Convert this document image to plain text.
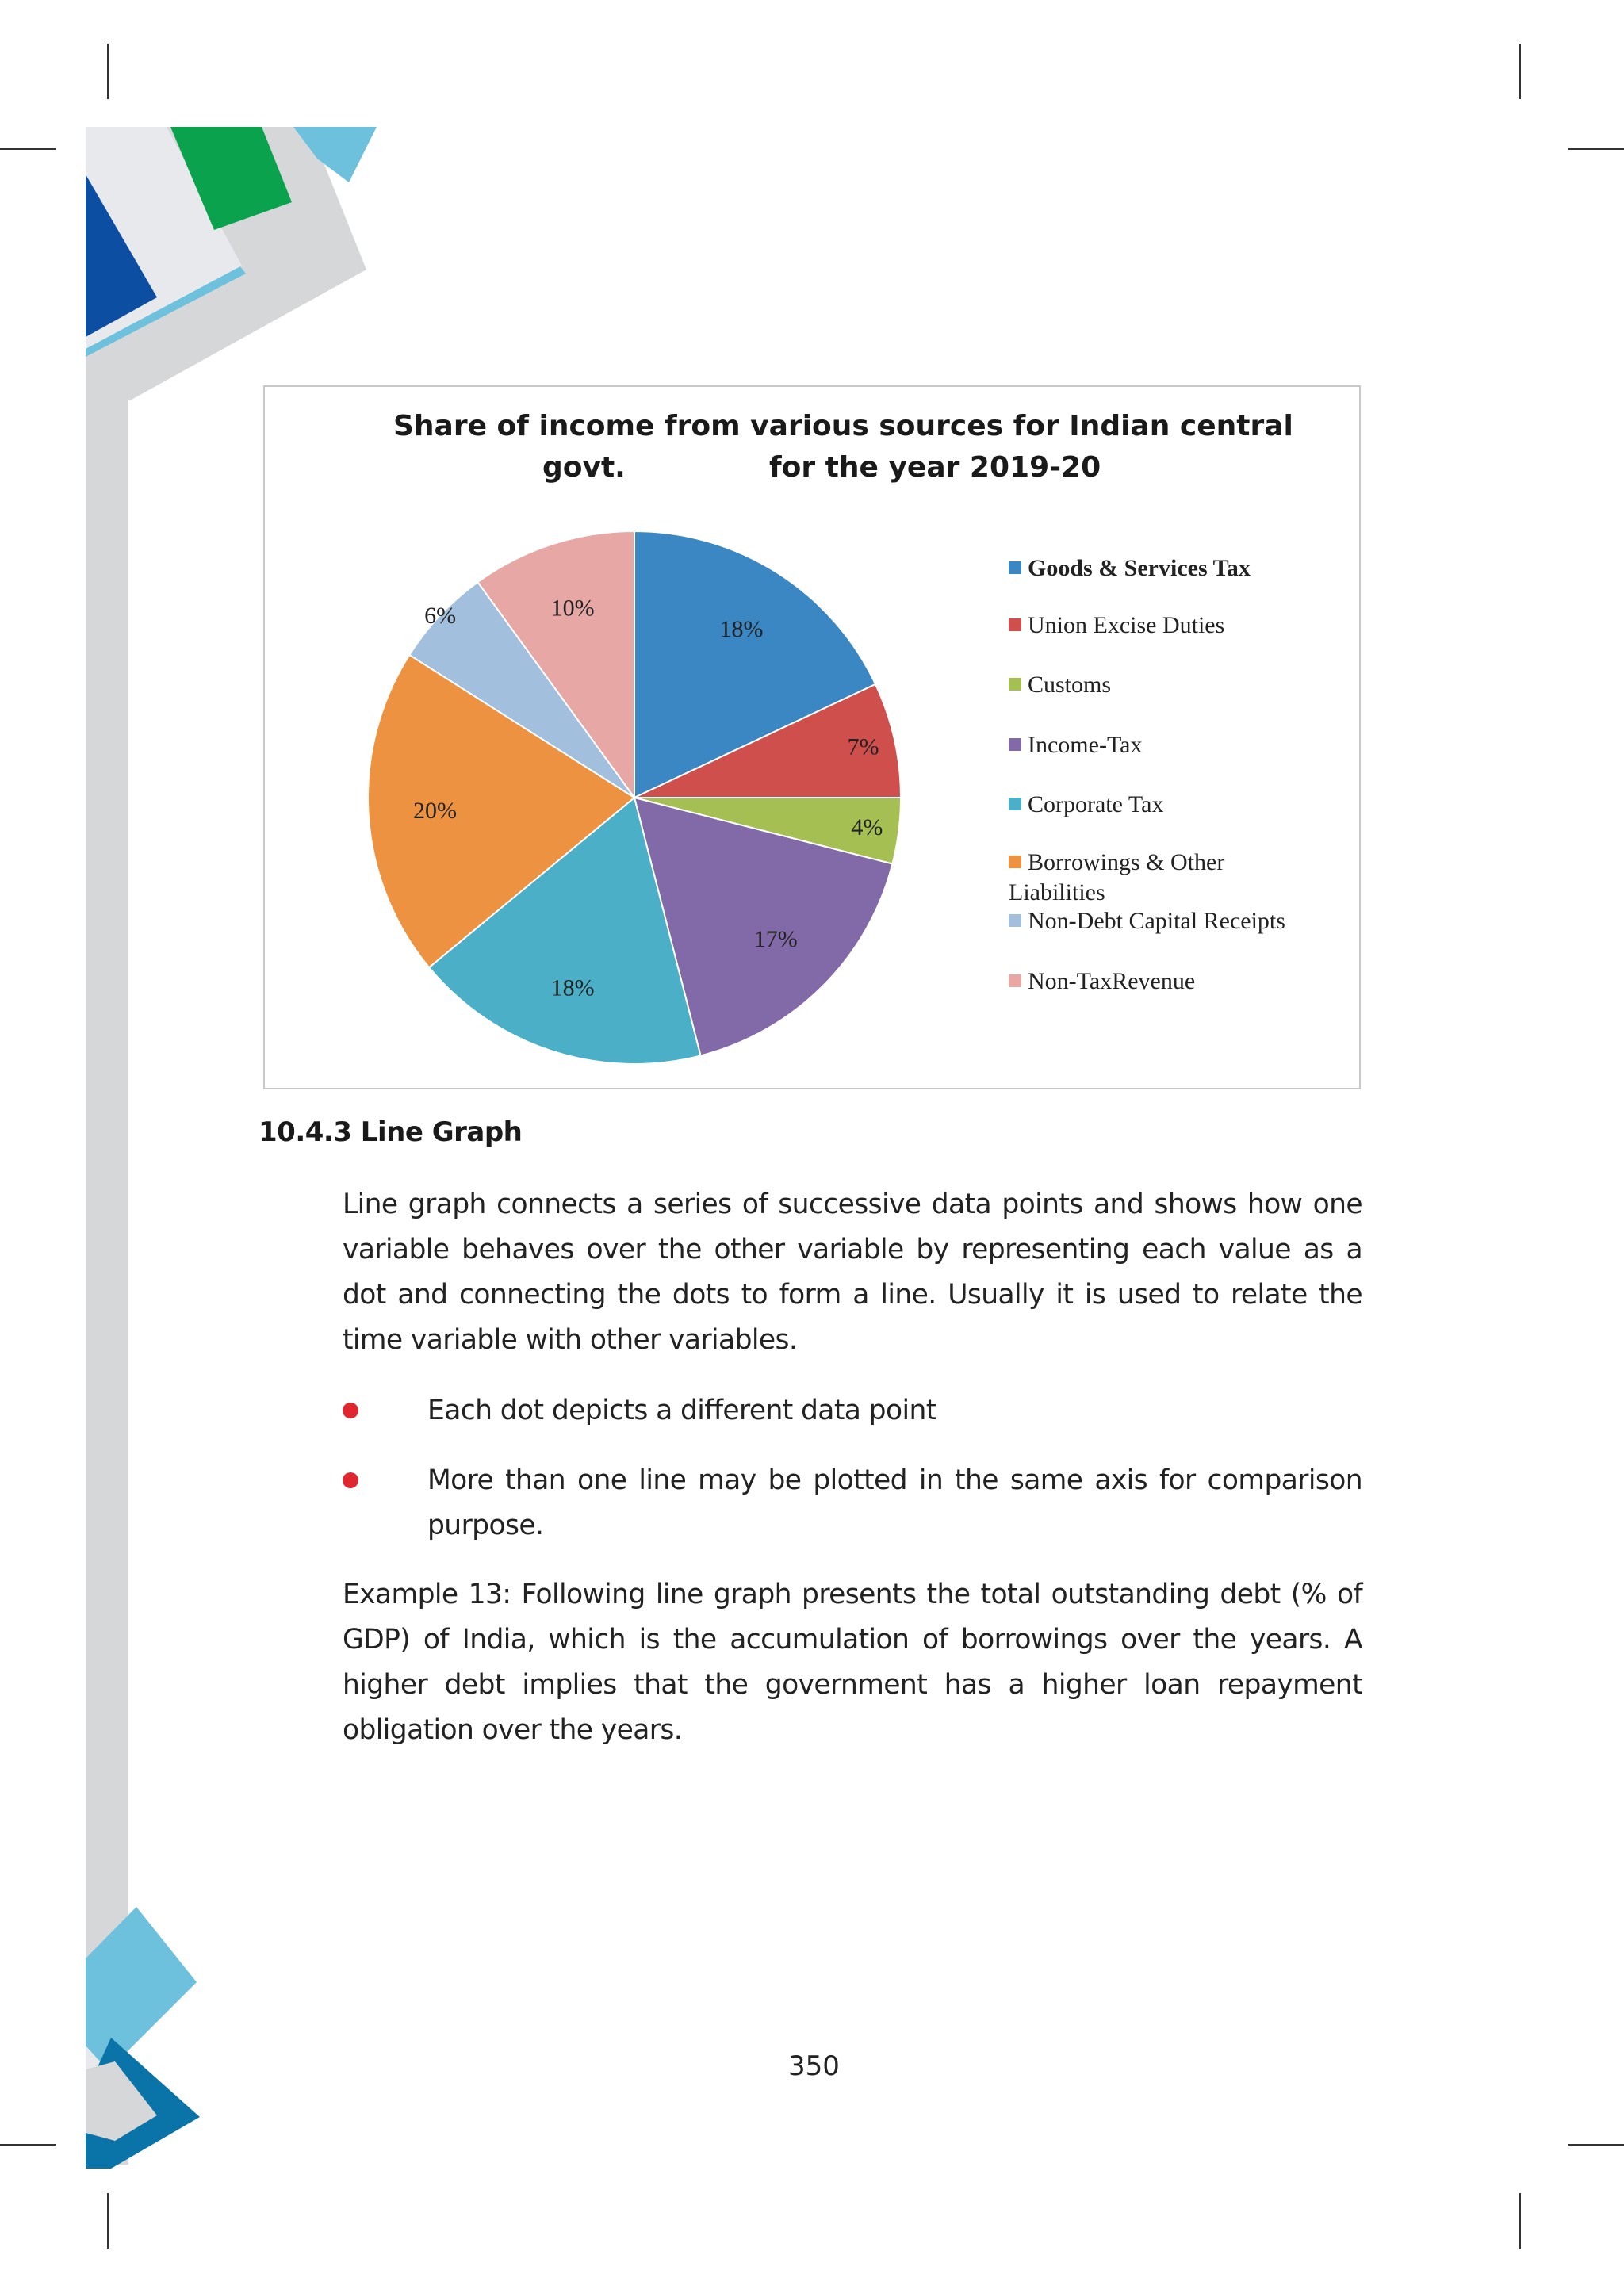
Share of income from various sources for Indian central
govt.	for the year 2019-20
18%
7%
4%
17%
18%
20%
6%	10%
Goods & Services Tax
Union Excise Duties
Customs
Income-Tax
Corporate Tax
Borrowings & Other
Liabilities
Non-Debt Capital Receipts
Non-TaxRevenue
10.4.3 Line Graph
Line graph connects a series of successive data points and shows how one variable behaves over the other variable by representing each value as a dot and connecting the dots to form a line. Usually it is used to relate the time variable with other variables.
Each dot depicts a different data point
More than one line may be plotted in the same axis for comparison purpose.
Example 13: Following line graph presents the total outstanding debt (% of GDP) of India, which is the accumulation of borrowings over the years. A higher debt implies that the government has a higher loan repayment obligation over the years.
350
